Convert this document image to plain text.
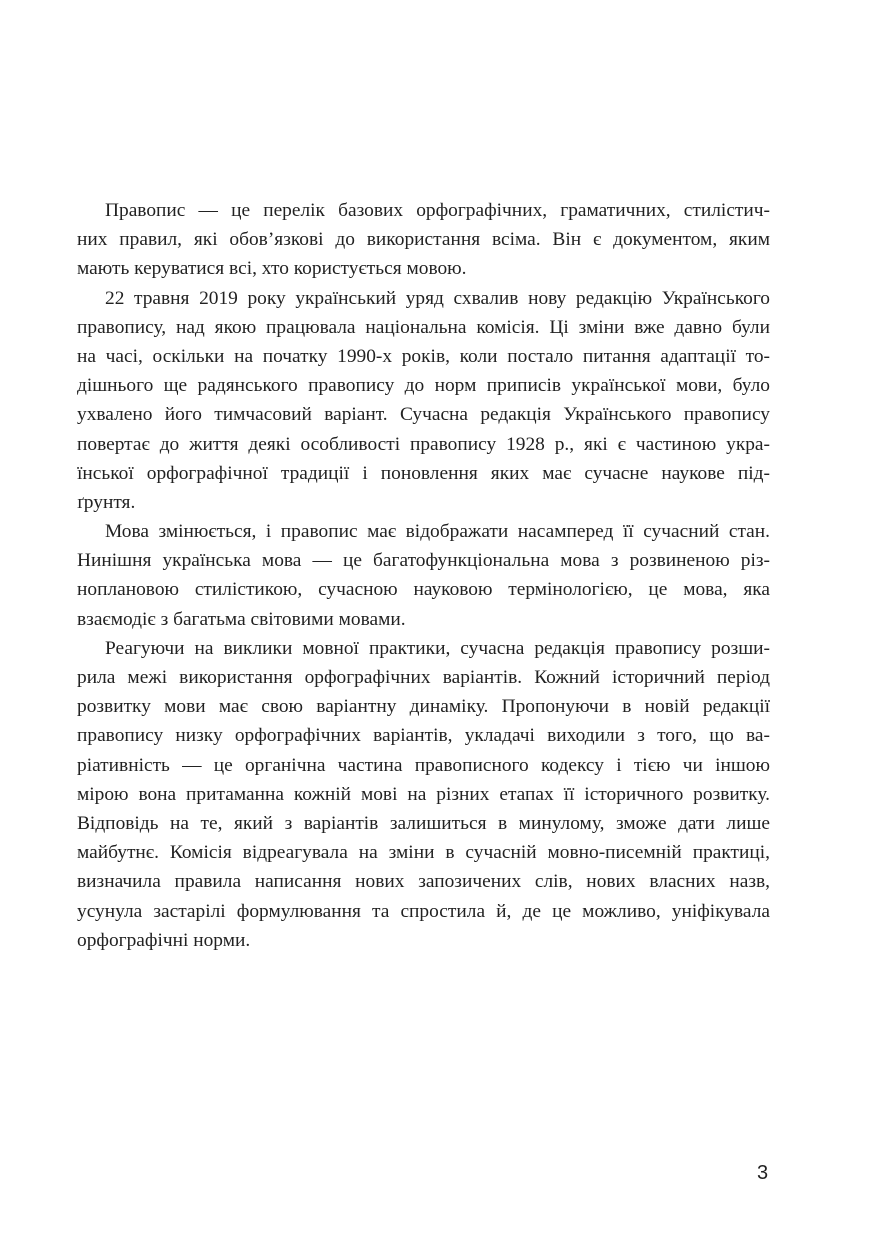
Правопис — це перелік базових орфографічних, граматичних, стилістич-
них правил, які обов’язкові до використання всіма. Він є документом, яким
мають керуватися всі, хто користується мовою.
22 травня 2019 року український уряд схвалив нову редакцію Українського
правопису, над якою працювала національна комісія. Ці зміни вже давно були
на часі, оскільки на початку 1990-х років, коли постало питання адаптації то-
дішнього ще радянського правопису до норм приписів української мови, було
ухвалено його тимчасовий варіант. Сучасна редакція Українського правопису
повертає до життя деякі особливості правопису 1928 р., які є частиною укра-
їнської орфографічної традиції і поновлення яких має сучасне наукове під-
ґрунтя.
Мова змінюється, і правопис має відображати насамперед її сучасний стан.
Нинішня українська мова — це багатофункціональна мова з розвиненою різ-
ноплановою стилістикою, сучасною науковою термінологією, це мова, яка
взаємодіє з багатьма світовими мовами.
Реагуючи на виклики мовної практики, сучасна редакція правопису розши-
рила межі використання орфографічних варіантів. Кожний історичний період
розвитку мови має свою варіантну динаміку. Пропонуючи в новій редакції
правопису низку орфографічних варіантів, укладачі виходили з того, що ва-
ріативність — це органічна частина правописного кодексу і тією чи іншою
мірою вона притаманна кожній мові на різних етапах її історичного розвитку.
Відповідь на те, який з варіантів залишиться в минулому, зможе дати лише
майбутнє. Комісія відреагувала на зміни в сучасній мовно-писемній практиці,
визначила правила написання нових запозичених слів, нових власних назв,
усунула застарілі формулювання та спростила й, де це можливо, уніфікувала
орфографічні норми.
3
